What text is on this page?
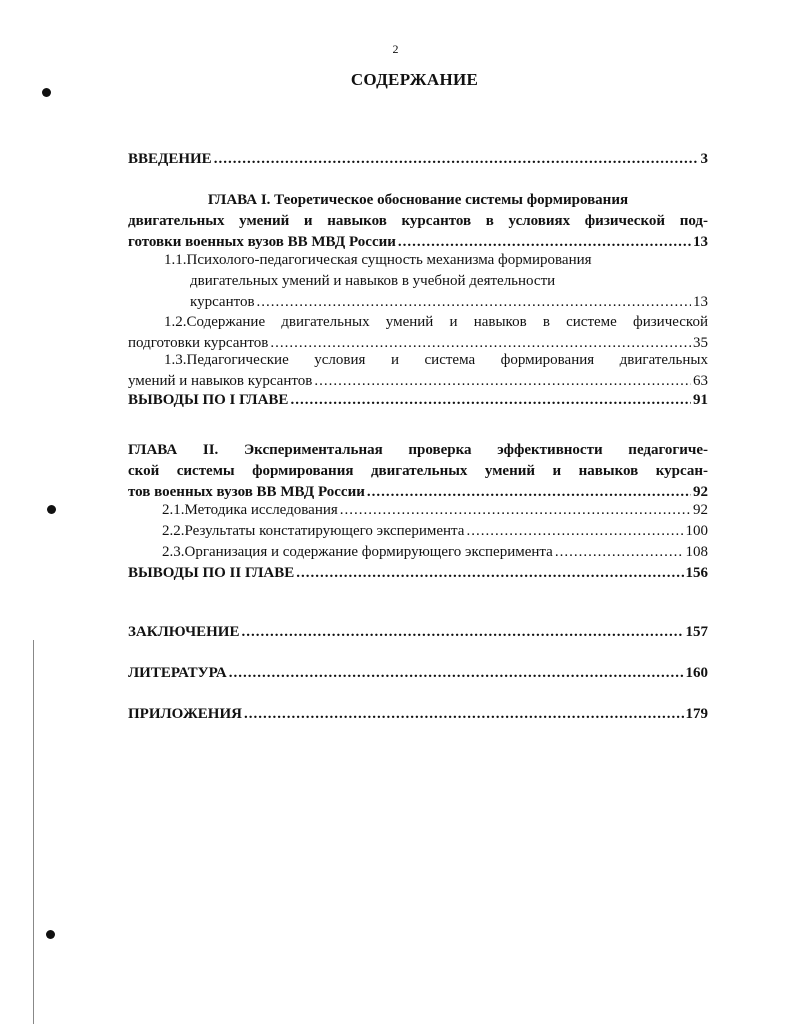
2
СОДЕРЖАНИЕ
ВВЕДЕНИЕ .....	3
ГЛАВА I. Теоретическое обоснование системы формирования
двигательных умений и навыков курсантов в условиях физической под-
готовки военных вузов ВВ МВД России .....	13
1.1.Психолого-педагогическая сущность механизма формирования
двигательных умений и навыков в учебной деятельности
курсантов .....	13
1.2.Содержание двигательных умений и навыков в системе физической
подготовки курсантов .....	35
1.3.Педагогические условия и система формирования двигательных
умений и навыков курсантов .....	63
ВЫВОДЫ ПО I ГЛАВЕ .....	91
ГЛАВА II. Экспериментальная проверка эффективности педагогиче-
ской системы формирования двигательных умений и навыков курсан-
тов военных вузов ВВ МВД России .....	92
2.1.Методика исследования .....	92
2.2.Результаты констатирующего эксперимента .....	100
2.3.Организация и содержание формирующего эксперимента .....	108
ВЫВОДЫ ПО II ГЛАВЕ .....	156
ЗАКЛЮЧЕНИЕ .....	157
ЛИТЕРАТУРА .....	160
ПРИЛОЖЕНИЯ .....	179
